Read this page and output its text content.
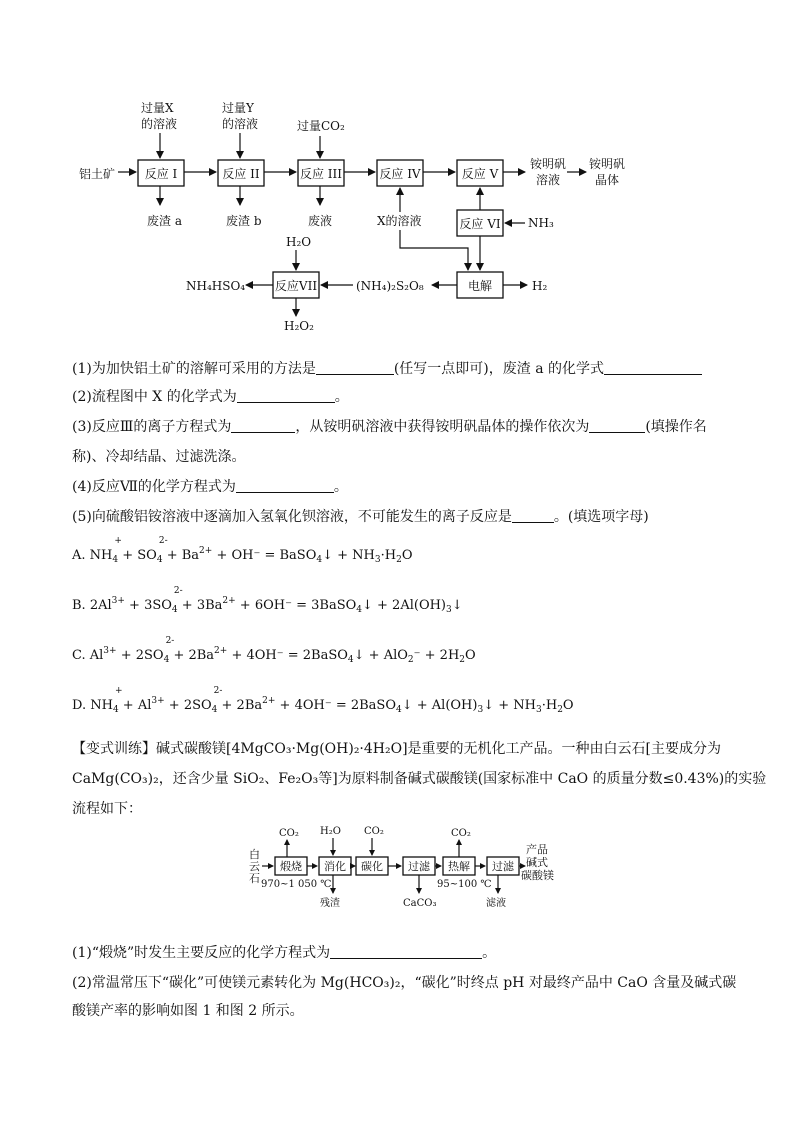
铝土矿
过量X
的溶液
过量Y
的溶液	过量CO₂
反应 I	反应 II	反应 III	反应 IV	反应 V
铵明矾
溶液
铵明矾
晶体
废渣 a	废渣 b	废液	X的溶液	反应 VI NH₃
电解	H₂
(NH₄)₂S₂O₈
反应VII
H₂O
H₂O₂
NH₄HSO₄
(1)为加快铝土矿的溶解可采用的方法是	(任写一点即可)，废渣 a 的化学式
(2)流程图中 X 的化学式为	。
(3)反应Ⅲ的离子方程式为	，从铵明矾溶液中获得铵明矾晶体的操作依次为	(填操作名
称)、冷却结晶、过滤洗涤。
(4)反应Ⅶ的化学方程式为	。
(5)向硫酸铝铵溶液中逐滴加入氢氧化钡溶液，不可能发生的离子反应是	。(填选项字母)
A. NH
+
$_4$ + SO
2-
$_4 + Ba^{2+} + OH^-$ = BaSO$_4$↓ + $NH_3\cdot H_2O$
B. $2Al^{3+} + 3SO$
2-
$_4 + 3Ba^{2+} + 6OH^-$ = 3BaSO$_4$↓ + $2Al(OH)_3↓$
C. $Al^{3+} + 2SO$
2-
$_4 + 2Ba^{2+} + 4OH^-$ = 2BaSO$_4$↓ + $AlO_2^- + 2H_2O$
D. NH
+
$_4 + Al^{3+} + 2SO$
2-
$_4 + 2Ba^{2+} + 4OH^-$ = 2BaSO$_4$↓ + $Al(OH)_3↓ + NH_3\cdot H_2O$
【变式训练】碱式碳酸镁[4MgCO₃·Mg(OH)₂·4H₂O]是重要的无机化工产品。一种由白云石[主要成分为
CaMg(CO₃)₂，还含少量 SiO₂、Fe₂O₃等]为原料制备碱式碳酸镁(国家标准中 CaO 的质量分数≤0.43%)的实验
流程如下：
白
云
石
煅烧 消化 碳化 过滤 热解 过滤
产品
碱式
碳酸镁
CO₂ H₂O CO₂	CO₂
970~1 050 ℃	95~100 ℃
残渣	CaCO₃	滤液
(1)“煅烧”时发生主要反应的化学方程式为	。
(2)常温常压下“碳化”可使镁元素转化为 Mg(HCO₃)₂，“碳化”时终点 pH 对最终产品中 CaO 含量及碱式碳
酸镁产率的影响如图 1 和图 2 所示。
